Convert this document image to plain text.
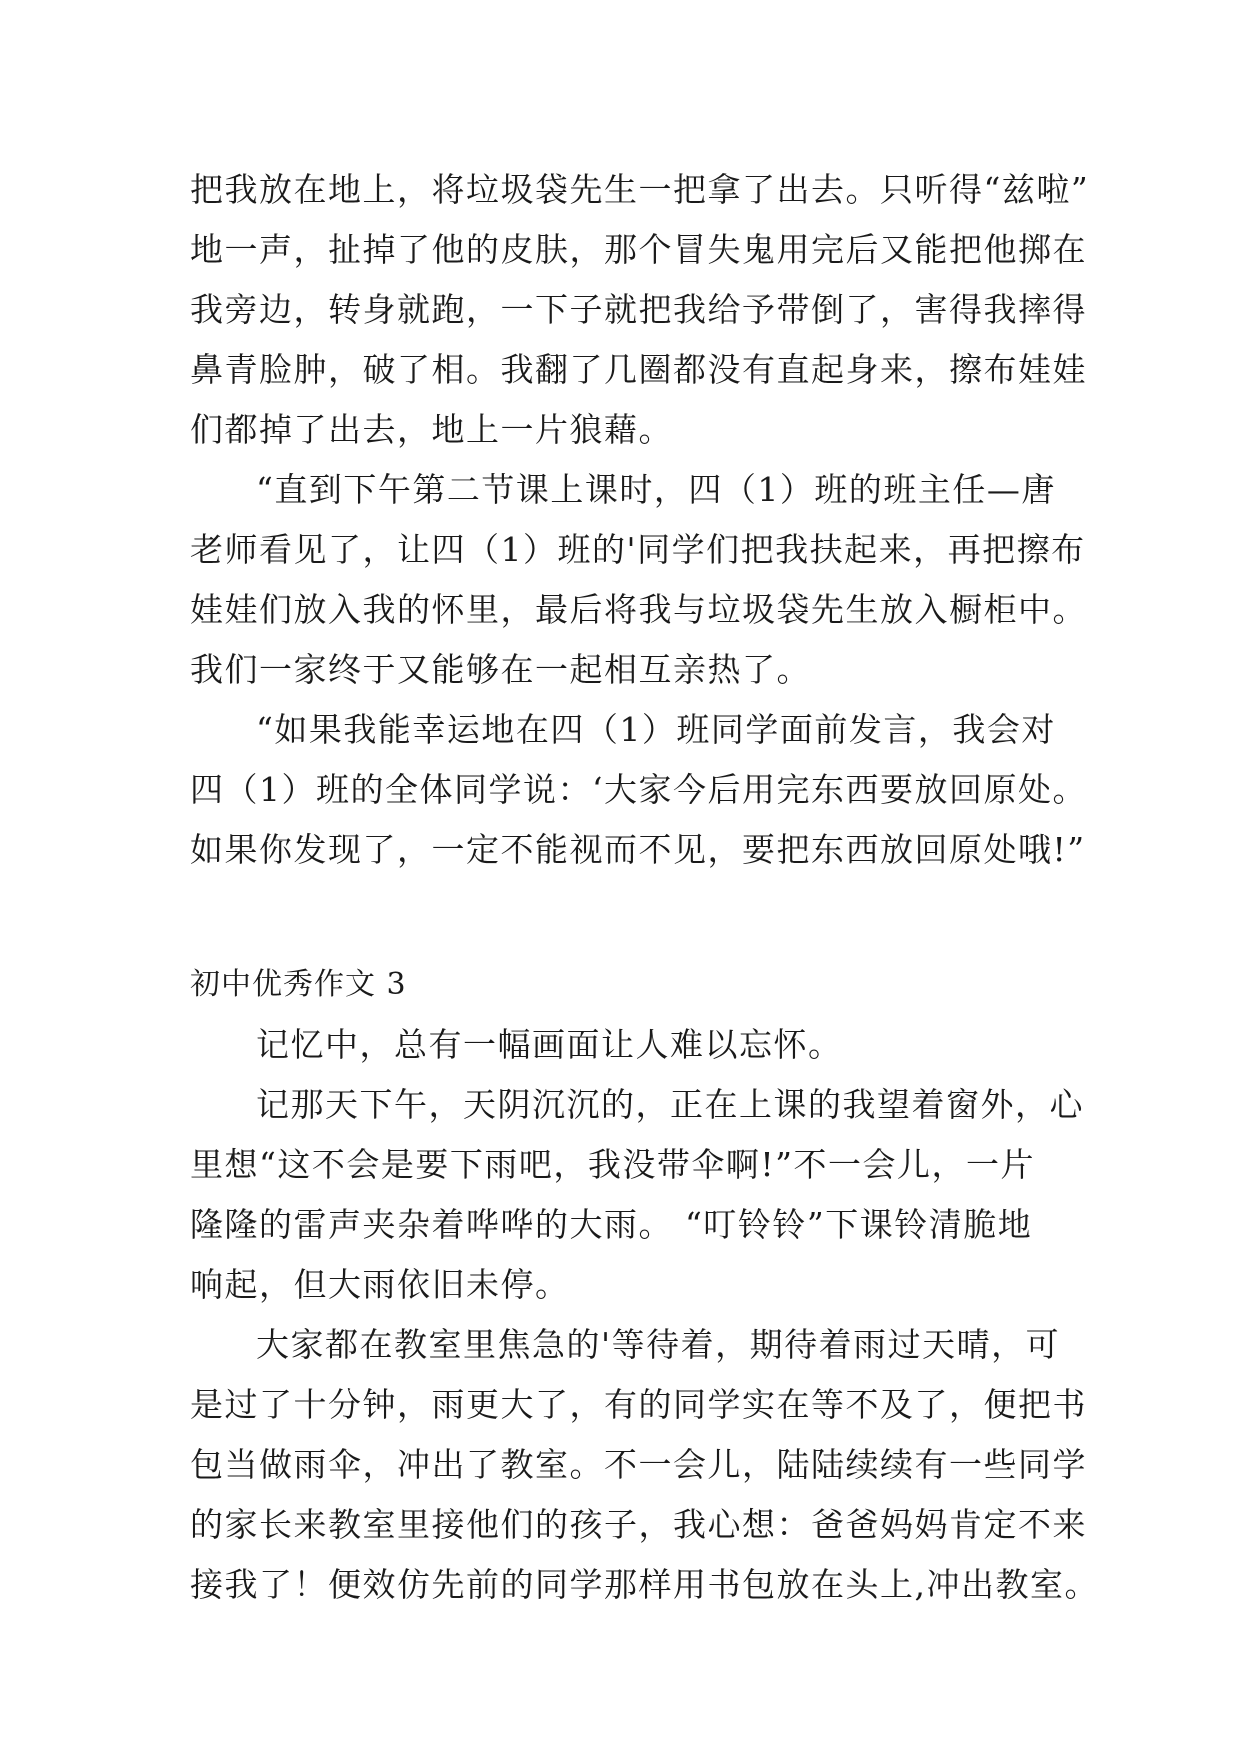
把我放在地上，将垃圾袋先生一把拿了出去。只听得“兹啦”
地一声，扯掉了他的皮肤，那个冒失鬼用完后又能把他掷在
我旁边，转身就跑，一下子就把我给予带倒了，害得我摔得
鼻青脸肿，破了相。我翻了几圈都没有直起身来，擦布娃娃
们都掉了出去，地上一片狼藉。

“直到下午第二节课上课时，四（1）班的班主任—唐
老师看见了，让四（1）班的'同学们把我扶起来，再把擦布
娃娃们放入我的怀里，最后将我与垃圾袋先生放入橱柜中。
我们一家终于又能够在一起相互亲热了。

“如果我能幸运地在四（1）班同学面前发言，我会对
四（1）班的全体同学说：‘大家今后用完东西要放回原处。
如果你发现了，一定不能视而不见，要把东西放回原处哦!”

初中优秀作文 3

记忆中，总有一幅画面让人难以忘怀。

记那天下午，天阴沉沉的，正在上课的我望着窗外，心
里想“这不会是要下雨吧，我没带伞啊!”不一会儿，一片
隆隆的雷声夹杂着哗哗的大雨。 “叮铃铃”下课铃清脆地
响起，但大雨依旧未停。

大家都在教室里焦急的'等待着，期待着雨过天晴，可
是过了十分钟，雨更大了，有的同学实在等不及了，便把书
包当做雨伞，冲出了教室。不一会儿，陆陆续续有一些同学
的家长来教室里接他们的孩子，我心想：爸爸妈妈肯定不来
接我了！便效仿先前的同学那样用书包放在头上,冲出教室。
